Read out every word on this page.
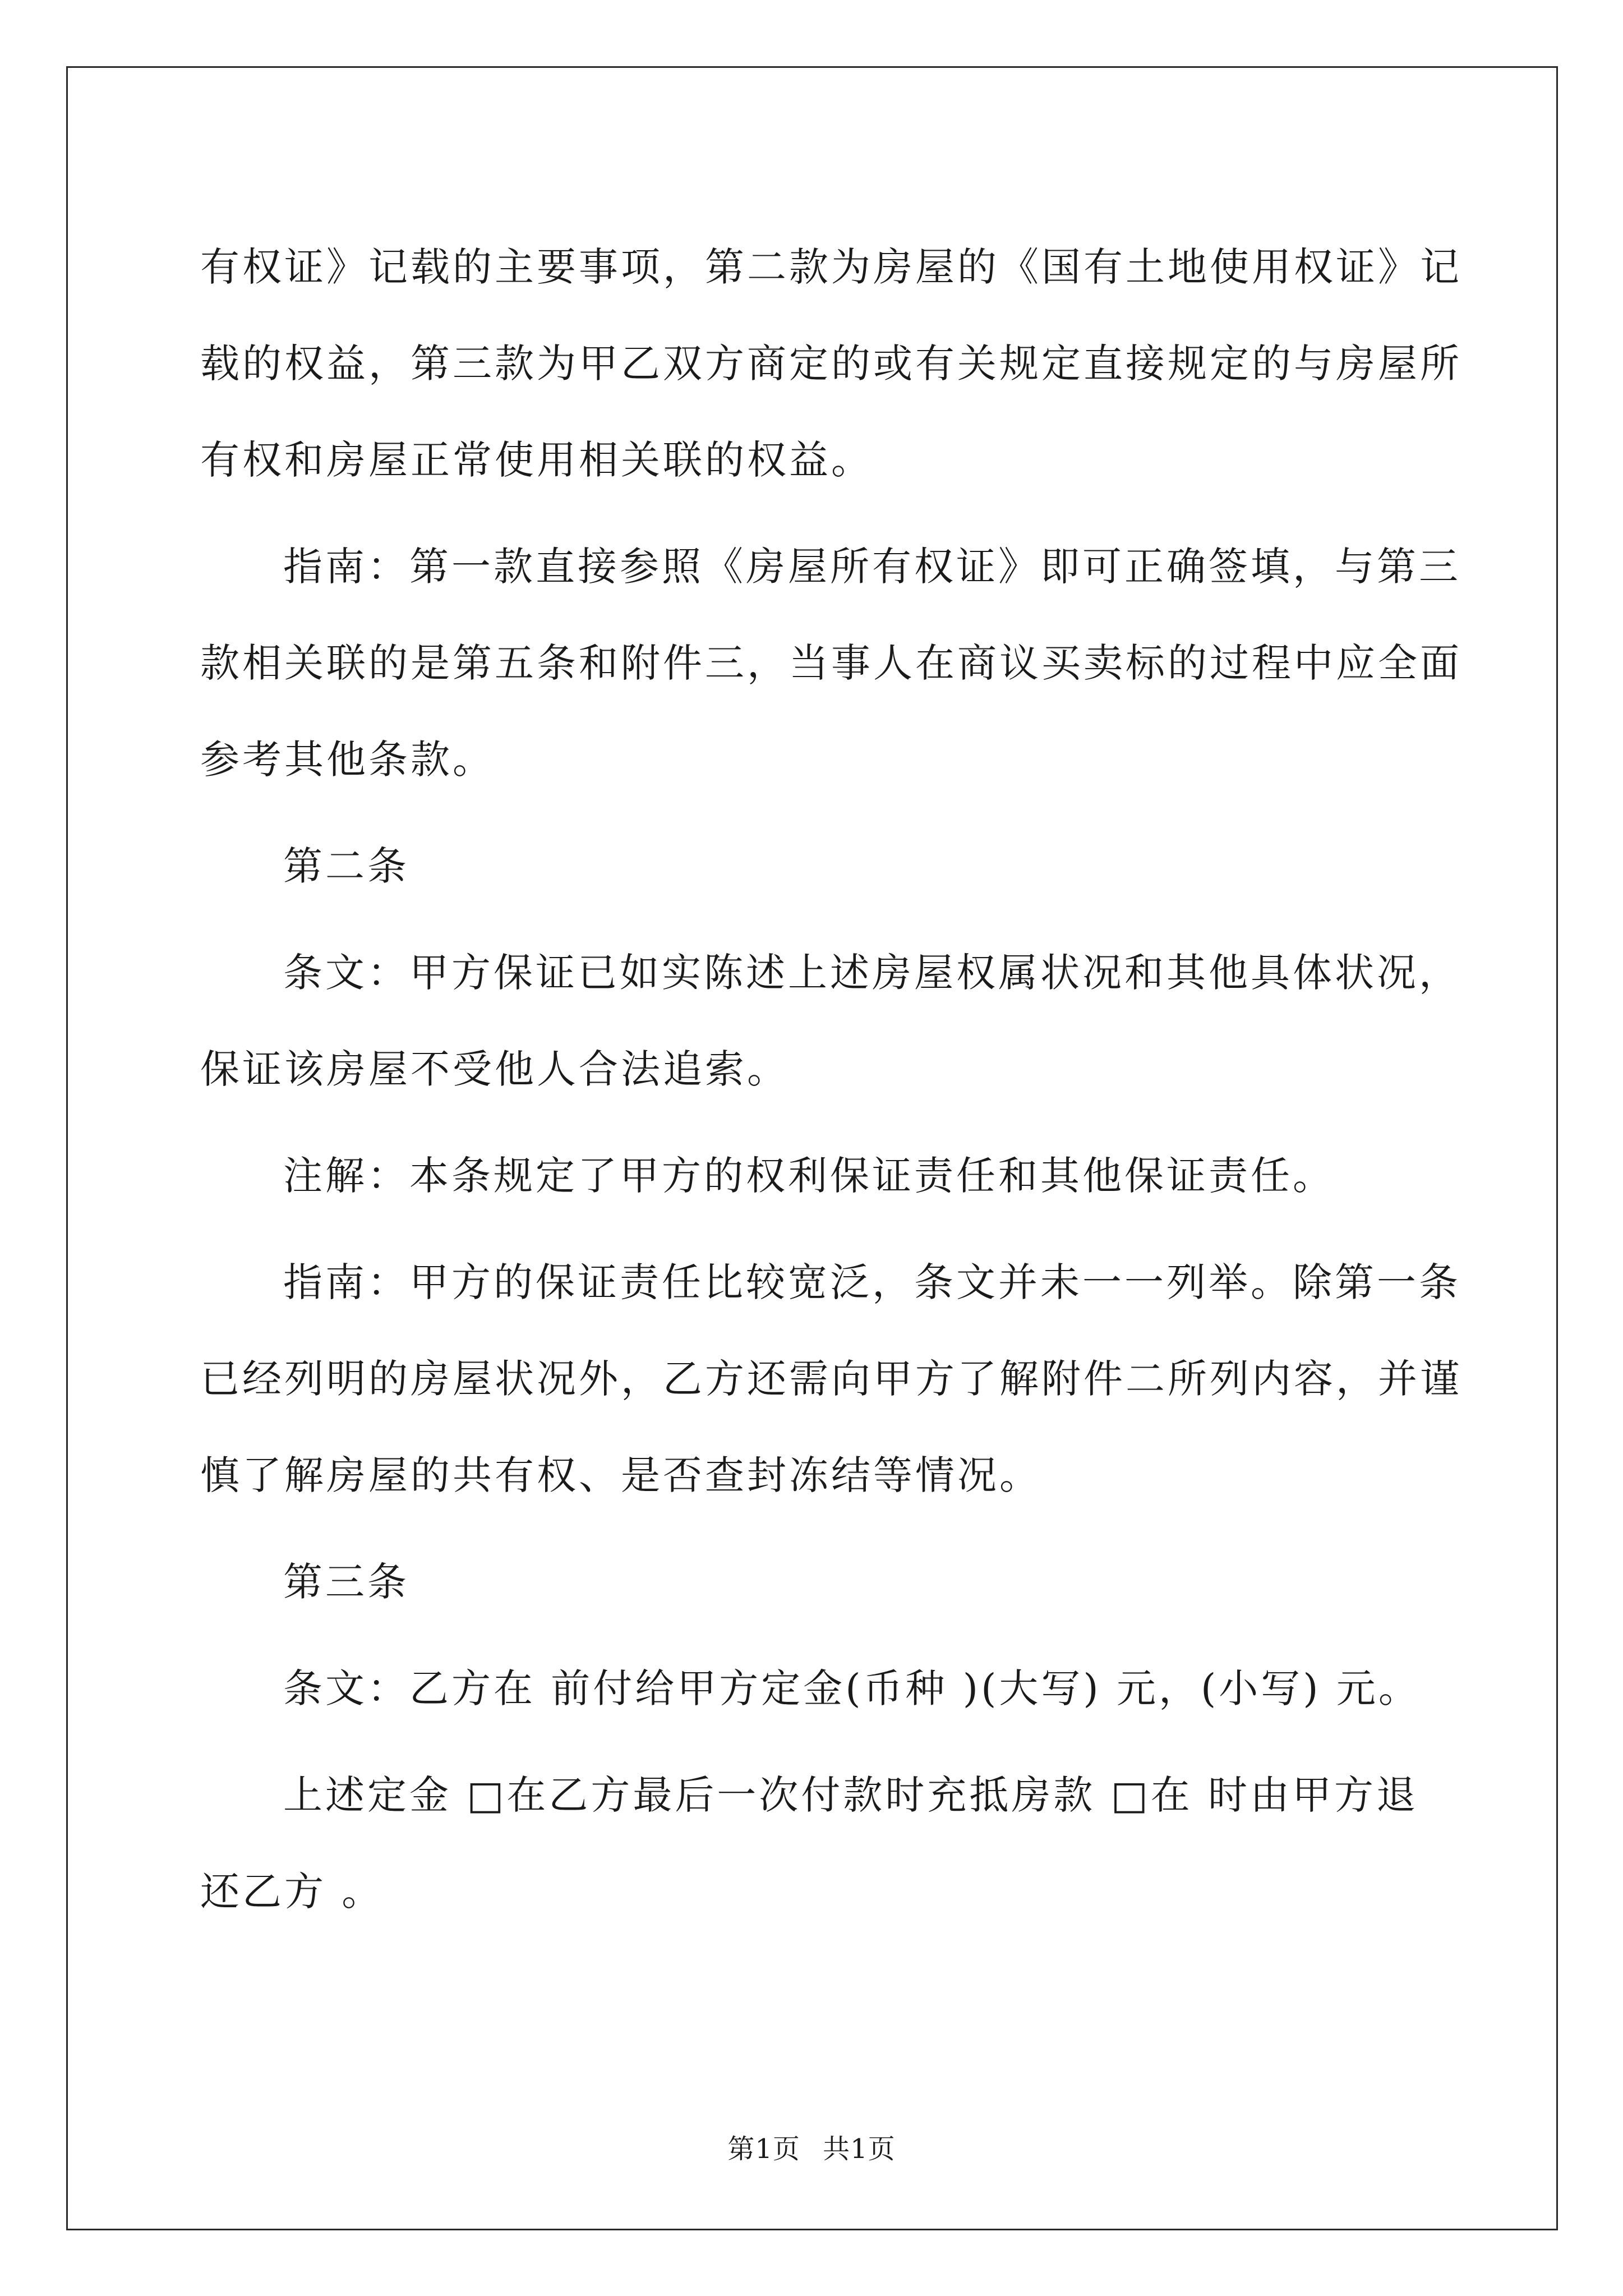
有权证》记载的主要事项，第二款为房屋的《国有土地使用权证》记
载的权益，第三款为甲乙双方商定的或有关规定直接规定的与房屋所
有权和房屋正常使用相关联的权益。

指南：第一款直接参照《房屋所有权证》即可正确签填，与第三
款相关联的是第五条和附件三，当事人在商议买卖标的过程中应全面
参考其他条款。

第二条

条文：甲方保证已如实陈述上述房屋权属状况和其他具体状况，
保证该房屋不受他人合法追索。

注解：本条规定了甲方的权利保证责任和其他保证责任。

指南：甲方的保证责任比较宽泛，条文并未一一列举。除第一条
已经列明的房屋状况外，乙方还需向甲方了解附件二所列内容，并谨
慎了解房屋的共有权、是否查封冻结等情况。

第三条

条文：乙方在 前付给甲方定金(币种 )(大写) 元，(小写) 元。

上述定金 □在乙方最后一次付款时充抵房款 □在 时由甲方退
还乙方 。

第1页 共1页
